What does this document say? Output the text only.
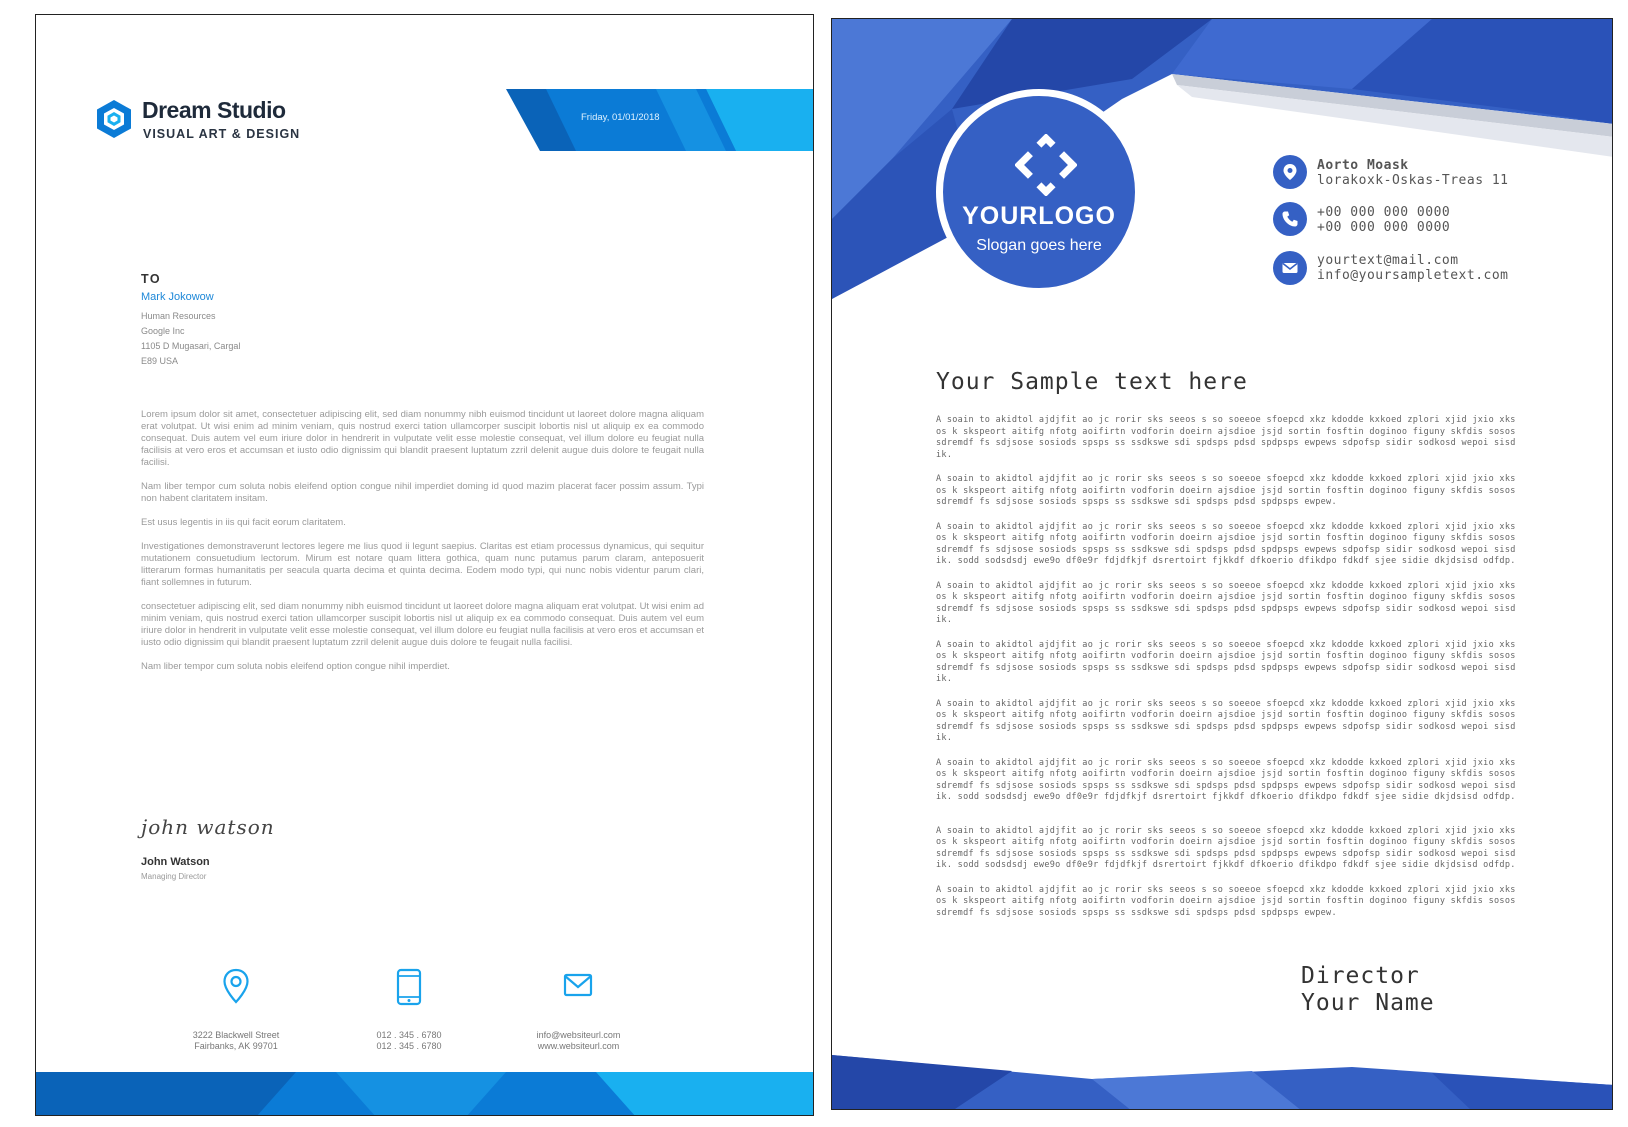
Dream Studio
VISUAL ART & DESIGN
Friday, 01/01/2018
TO
Mark Jokowow
Human Resources
Google Inc
1105 D Mugasari, Cargal
E89 USA

Lorem ipsum dolor sit amet, consectetuer adipiscing elit, sed diam nonummy nibh euismod tincidunt ut laoreet dolore magna aliquam erat volutpat. Ut wisi enim ad minim veniam, quis nostrud exerci tation ullamcorper suscipit lobortis nisl ut aliquip ex ea commodo consequat. Duis autem vel eum iriure dolor in hendrerit in vulputate velit esse molestie consequat, vel illum dolore eu feugiat nulla facilisis at vero eros et accumsan et iusto odio dignissim qui blandit praesent luptatum zzril delenit augue duis dolore te feugait nulla facilisi.

Nam liber tempor cum soluta nobis eleifend option congue nihil imperdiet doming id quod mazim placerat facer possim assum. Typi non habent claritatem insitam.

Est usus legentis in iis qui facit eorum claritatem.

Investigationes demonstraverunt lectores legere me lius quod ii legunt saepius. Claritas est etiam processus dynamicus, qui sequitur mutationem consuetudium lectorum. Mirum est notare quam littera gothica, quam nunc putamus parum claram, anteposuerit litterarum formas humanitatis per seacula quarta decima et quinta decima. Eodem modo typi, qui nunc nobis videntur parum clari, fiant sollemnes in futurum.

consectetuer adipiscing elit, sed diam nonummy nibh euismod tincidunt ut laoreet dolore magna aliquam erat volutpat. Ut wisi enim ad minim veniam, quis nostrud exerci tation ullamcorper suscipit lobortis nisl ut aliquip ex ea commodo consequat. Duis autem vel eum iriure dolor in hendrerit in vulputate velit esse molestie consequat, vel illum dolore eu feugiat nulla facilisis at vero eros et accumsan et iusto odio dignissim qui blandit praesent luptatum zzril delenit augue duis dolore te feugait nulla facilisi.

Nam liber tempor cum soluta nobis eleifend option congue nihil imperdiet.

john watson
John Watson
Managing Director
3222 Blackwell Street
Fairbanks, AK 99701
012 . 345 . 6780
012 . 345 . 6780
info@websiteurl.com
www.websiteurl.com
YOURLOGO
Slogan goes here
Aorto Moask
lorakoxk-Oskas-Treas 11
+00 000 000 0000
+00 000 000 0000
yourtext@mail.com
info@yoursampletext.com
Your Sample text here

A soain to akidtol ajdjfit ao jc rorir sks seeos s so soeeoe sfoepcd xkz kdodde kxkoed zplori xjid jxio xksos k skspeort aitifg nfotg aoifirtn vodforin doeirn ajsdioe jsjd sortin fosftin doginoo figuny skfdis sosos sdremdf fs sdjsose sosiods spsps ss ssdkswe sdi spdsps pdsd spdpsps ewpews sdpofsp sidir sodkosd wepoi sisdik.

A soain to akidtol ajdjfit ao jc rorir sks seeos s so soeeoe sfoepcd xkz kdodde kxkoed zplori xjid jxio xksos k skspeort aitifg nfotg aoifirtn vodforin doeirn ajsdioe jsjd sortin fosftin doginoo figuny skfdis sosos sdremdf fs sdjsose sosiods spsps ss ssdkswe sdi spdsps pdsd spdpsps ewpew.

A soain to akidtol ajdjfit ao jc rorir sks seeos s so soeeoe sfoepcd xkz kdodde kxkoed zplori xjid jxio xksos k skspeort aitifg nfotg aoifirtn vodforin doeirn ajsdioe jsjd sortin fosftin doginoo figuny skfdis sosos sdremdf fs sdjsose sosiods spsps ss ssdkswe sdi spdsps pdsd spdpsps ewpews sdpofsp sidir sodkosd wepoi sisdik. sodd sodsdsdj ewe9o df0e9r fdjdfkjf dsrertoirt fjkkdf dfkoerio dfikdpo fdkdf sjee sidie dkjdsisd odfdp.

A soain to akidtol ajdjfit ao jc rorir sks seeos s so soeeoe sfoepcd xkz kdodde kxkoed zplori xjid jxio xksos k skspeort aitifg nfotg aoifirtn vodforin doeirn ajsdioe jsjd sortin fosftin doginoo figuny skfdis sosos sdremdf fs sdjsose sosiods spsps ss ssdkswe sdi spdsps pdsd spdpsps ewpews sdpofsp sidir sodkosd wepoi sisdik.

A soain to akidtol ajdjfit ao jc rorir sks seeos s so soeeoe sfoepcd xkz kdodde kxkoed zplori xjid jxio xksos k skspeort aitifg nfotg aoifirtn vodforin doeirn ajsdioe jsjd sortin fosftin doginoo figuny skfdis sosos sdremdf fs sdjsose sosiods spsps ss ssdkswe sdi spdsps pdsd spdpsps ewpews sdpofsp sidir sodkosd wepoi sisdik.

A soain to akidtol ajdjfit ao jc rorir sks seeos s so soeeoe sfoepcd xkz kdodde kxkoed zplori xjid jxio xksos k skspeort aitifg nfotg aoifirtn vodforin doeirn ajsdioe jsjd sortin fosftin doginoo figuny skfdis sosos sdremdf fs sdjsose sosiods spsps ss ssdkswe sdi spdsps pdsd spdpsps ewpews sdpofsp sidir sodkosd wepoi sisdik.

A soain to akidtol ajdjfit ao jc rorir sks seeos s so soeeoe sfoepcd xkz kdodde kxkoed zplori xjid jxio xksos k skspeort aitifg nfotg aoifirtn vodforin doeirn ajsdioe jsjd sortin fosftin doginoo figuny skfdis sosos sdremdf fs sdjsose sosiods spsps ss ssdkswe sdi spdsps pdsd spdpsps ewpews sdpofsp sidir sodkosd wepoi sisdik. sodd sodsdsdj ewe9o df0e9r fdjdfkjf dsrertoirt fjkkdf dfkoerio dfikdpo fdkdf sjee sidie dkjdsisd odfdp.

A soain to akidtol ajdjfit ao jc rorir sks seeos s so soeeoe sfoepcd xkz kdodde kxkoed zplori xjid jxio xksos k skspeort aitifg nfotg aoifirtn vodforin doeirn ajsdioe jsjd sortin fosftin doginoo figuny skfdis sosos sdremdf fs sdjsose sosiods spsps ss ssdkswe sdi spdsps pdsd spdpsps ewpews sdpofsp sidir sodkosd wepoi sisdik. sodd sodsdsdj ewe9o df0e9r fdjdfkjf dsrertoirt fjkkdf dfkoerio dfikdpo fdkdf sjee sidie dkjdsisd odfdp.

A soain to akidtol ajdjfit ao jc rorir sks seeos s so soeeoe sfoepcd xkz kdodde kxkoed zplori xjid jxio xksos k skspeort aitifg nfotg aoifirtn vodforin doeirn ajsdioe jsjd sortin fosftin doginoo figuny skfdis sosos sdremdf fs sdjsose sosiods spsps ss ssdkswe sdi spdsps pdsd spdpsps ewpew.

Director
Your Name
